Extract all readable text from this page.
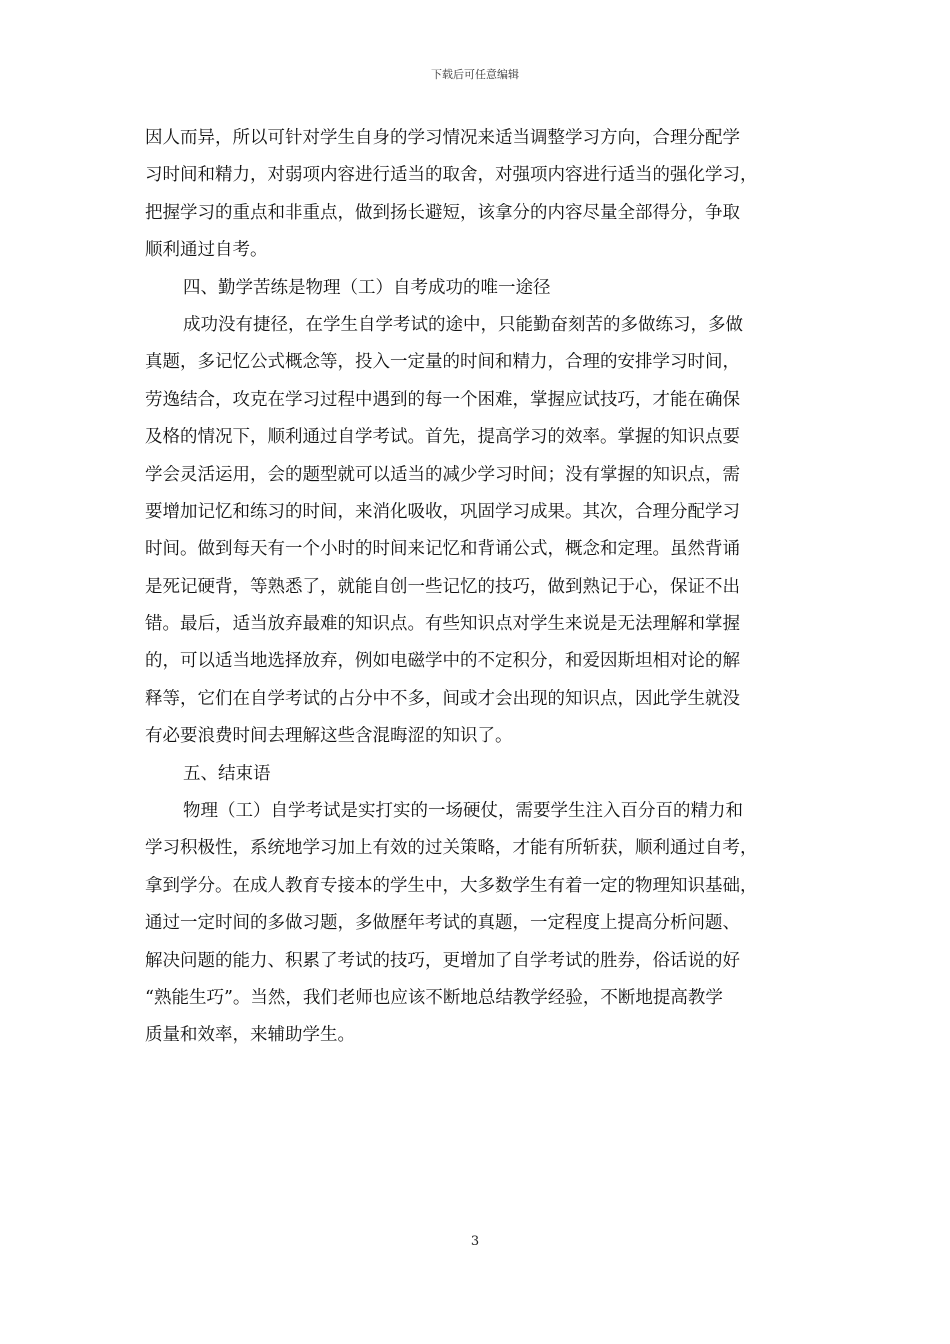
下载后可任意编辑
因人而异，所以可针对学生自身的学习情况来适当调整学习方向，合理分配学
习时间和精力，对弱项内容进行适当的取舍，对强项内容进行适当的强化学习，
把握学习的重点和非重点，做到扬长避短，该拿分的内容尽量全部得分，争取
顺利通过自考。
四、勤学苦练是物理（工）自考成功的唯一途径
成功没有捷径，在学生自学考试的途中，只能勤奋刻苦的多做练习，多做
真题，多记忆公式概念等，投入一定量的时间和精力，合理的安排学习时间，
劳逸结合，攻克在学习过程中遇到的每一个困难，掌握应试技巧，才能在确保
及格的情况下，顺利通过自学考试。首先，提高学习的效率。掌握的知识点要
学会灵活运用，会的题型就可以适当的减少学习时间；没有掌握的知识点，需
要增加记忆和练习的时间，来消化吸收，巩固学习成果。其次，合理分配学习
时间。做到每天有一个小时的时间来记忆和背诵公式，概念和定理。虽然背诵
是死记硬背，等熟悉了，就能自创一些记忆的技巧，做到熟记于心，保证不出
错。最后，适当放弃最难的知识点。有些知识点对学生来说是无法理解和掌握
的，可以适当地选择放弃，例如电磁学中的不定积分，和爱因斯坦相对论的解
释等，它们在自学考试的占分中不多，间或才会出现的知识点，因此学生就没
有必要浪费时间去理解这些含混晦涩的知识了。
五、结束语
物理（工）自学考试是实打实的一场硬仗，需要学生注入百分百的精力和
学习积极性，系统地学习加上有效的过关策略，才能有所斩获，顺利通过自考，
拿到学分。在成人教育专接本的学生中，大多数学生有着一定的物理知识基础，
通过一定时间的多做习题，多做歷年考试的真题，一定程度上提高分析问题、
解决问题的能力、积累了考试的技巧，更增加了自学考试的胜券，俗话说的好
“熟能生巧”。当然，我们老师也应该不断地总结教学经验，不断地提高教学
质量和效率，来辅助学生。
3
